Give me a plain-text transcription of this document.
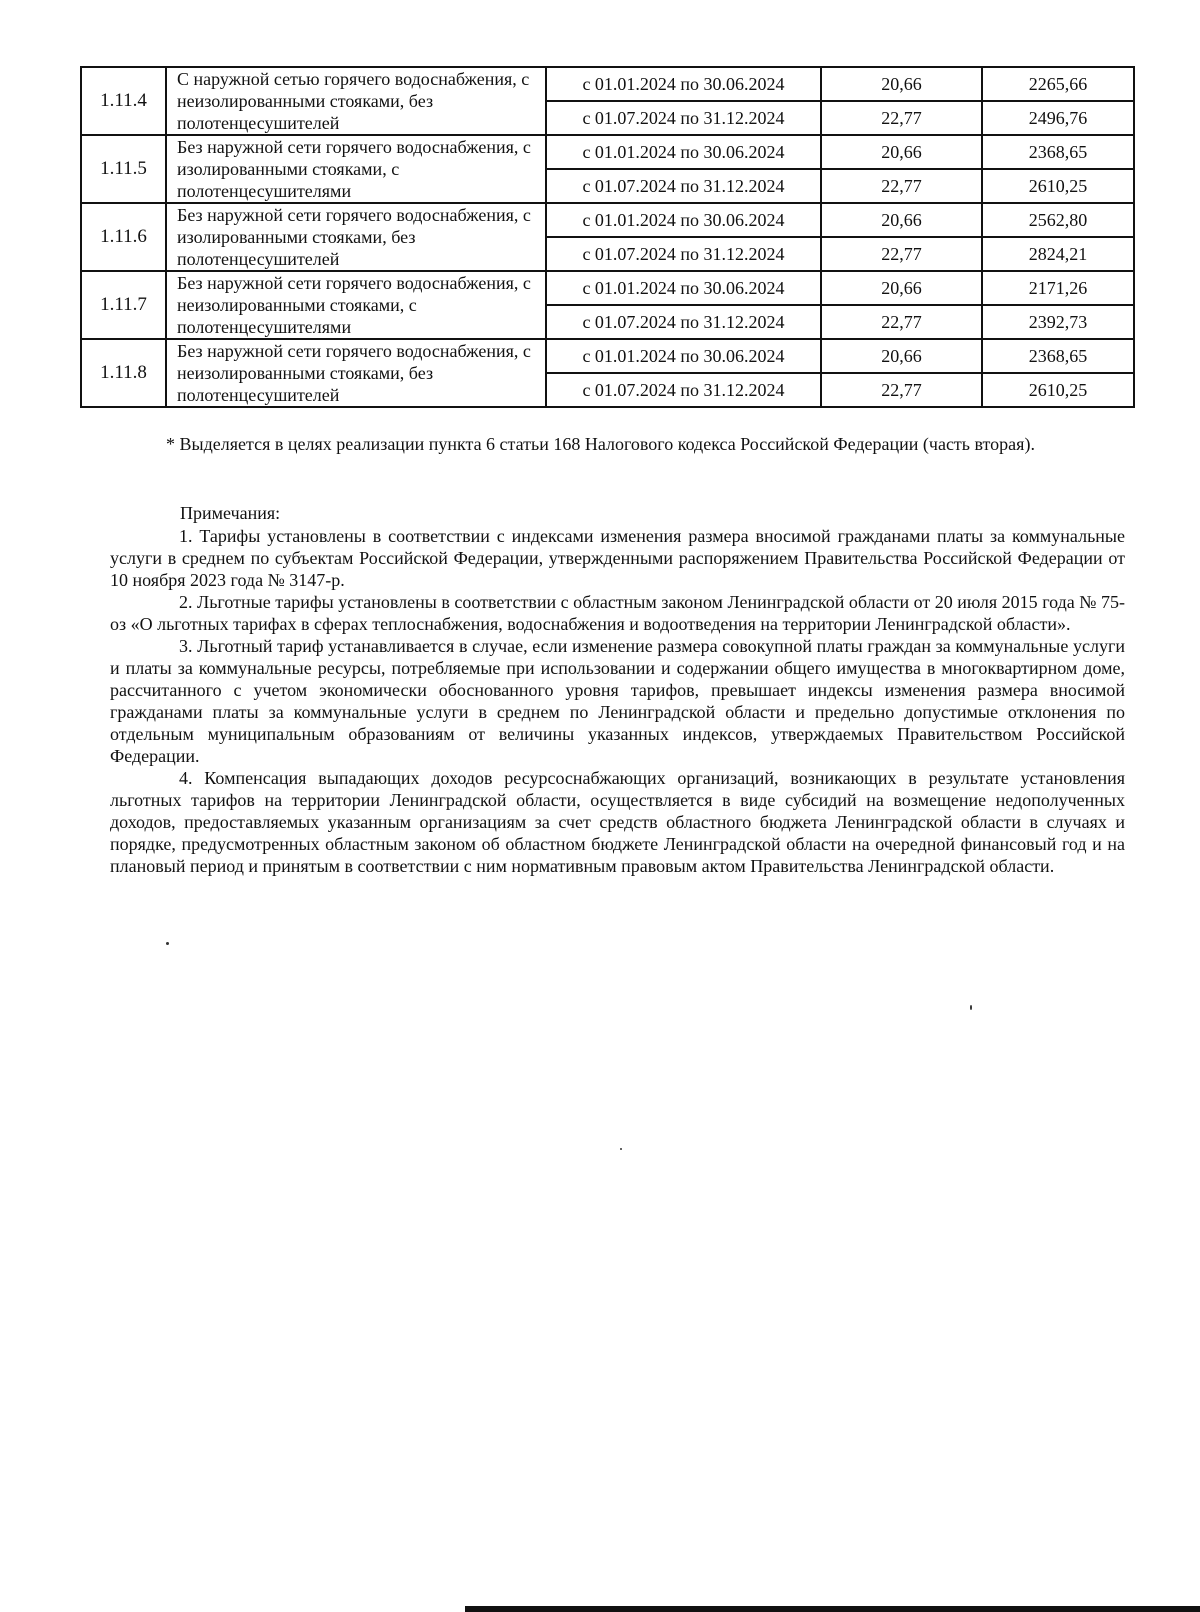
1.11.4	С наружной сетью горячего водоснабжения, с неизолированными стояками, без полотенцесушителей	с 01.01.2024 по 30.06.2024	20,66	2265,66
		с 01.07.2024 по 31.12.2024	22,77	2496,76
1.11.5	Без наружной сети горячего водоснабжения, с изолированными стояками, с полотенцесушителями	с 01.01.2024 по 30.06.2024	20,66	2368,65
		с 01.07.2024 по 31.12.2024	22,77	2610,25
1.11.6	Без наружной сети горячего водоснабжения, с изолированными стояками, без полотенцесушителей	с 01.01.2024 по 30.06.2024	20,66	2562,80
		с 01.07.2024 по 31.12.2024	22,77	2824,21
1.11.7	Без наружной сети горячего водоснабжения, с неизолированными стояками, с полотенцесушителями	с 01.01.2024 по 30.06.2024	20,66	2171,26
		с 01.07.2024 по 31.12.2024	22,77	2392,73
1.11.8	Без наружной сети горячего водоснабжения, с неизолированными стояками, без полотенцесушителей	с 01.01.2024 по 30.06.2024	20,66	2368,65
		с 01.07.2024 по 31.12.2024	22,77	2610,25
* Выделяется в целях реализации пункта 6 статьи 168 Налогового кодекса Российской Федерации (часть вторая).

Примечания:

1. Тарифы установлены в соответствии с индексами изменения размера вносимой гражданами платы за коммунальные услуги в среднем по субъектам Российской Федерации, утвержденными распоряжением Правительства Российской Федерации от 10 ноября 2023 года № 3147-р.

2. Льготные тарифы установлены в соответствии с областным законом Ленинградской области от 20 июля 2015 года № 75-оз «О льготных тарифах в сферах теплоснабжения, водоснабжения и водоотведения на территории Ленинградской области».

3. Льготный тариф устанавливается в случае, если изменение размера совокупной платы граждан за коммунальные услуги и платы за коммунальные ресурсы, потребляемые при использовании и содержании общего имущества в многоквартирном доме, рассчитанного с учетом экономически обоснованного уровня тарифов, превышает индексы изменения размера вносимой гражданами платы за коммунальные услуги в среднем по Ленинградской области и предельно допустимые отклонения по отдельным муниципальным образованиям от величины указанных индексов, утверждаемых Правительством Российской Федерации.

4. Компенсация выпадающих доходов ресурсоснабжающих организаций, возникающих в результате установления льготных тарифов на территории Ленинградской области, осуществляется в виде субсидий на возмещение недополученных доходов, предоставляемых указанным организациям за счет средств областного бюджета Ленинградской области в случаях и порядке, предусмотренных областным законом об областном бюджете Ленинградской области на очередной финансовый год и на плановый период и принятым в соответствии с ним нормативным правовым актом Правительства Ленинградской области.
